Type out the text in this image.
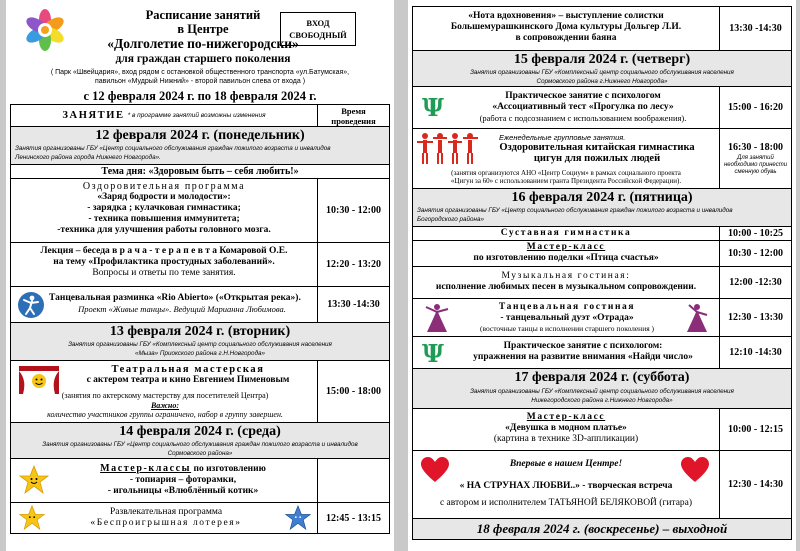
Расписание занятий
в Центре
«Долголетие по-нижегородски»
для граждан старшего поколения
ВХОД СВОБОДНЫЙ
( Парк «Швейцария», вход рядом с остановкой общественного транспорта «ул.Батумская»,
павильон «Мудрый Нижний» - второй павильон слева от входа )
с 12 февраля 2024 г. по 18 февраля 2024 г.
ЗАНЯТИЕ * в программе занятий возможны изменения	Время проведения
12 февраля 2024 г. (понедельник)
Занятия организованы ГБУ «Центр социального обслуживания граждан пожилого возраста и инвалидов
Ленинского района города Нижнего Новгорода».
Тема дня: «Здоровым быть – себя любить!»
Оздоровительная программа
«Заряд бодрости и молодости»:
- зарядка ; кулачковая гимнастика;
- техника повышения иммунитета;
-техника для улучшения работы головного мозга.
10:30 - 12:00
Лекция – беседа в р а ч а - т е р а п е в т а Комаровой О.Е.
на тему «Профилактика простудных заболеваний».
Вопросы и ответы по теме занятия.
12:20 - 13:20
Танцевальная разминка «Rio Abierto» («Открытая река»).
Проект «Живые танцы». Ведущий Марианна Любимова.	13:30 -14:30
13 февраля 2024 г. (вторник)
Занятия организованы ГБУ «Комплексный центр социального обслуживания населения
«Мыза» Приокского района г.Н.Новгорода»
Театральная мастерская
с актером театра и кино Евгением Пименовым
(занятия по актерскому мастерству для посетителей Центра)
Важно:
количество участников группы ограничено, набор в группу завершен.
15:00 - 18:00
14 февраля 2024 г. (среда)
Занятия организованы ГБУ «Центр социального обслуживания граждан пожилого возраста и инвалидов
Сормовского района»
Мастер-классы по изготовлению
- топиария – фоторамки,
- игольницы «Влюблённый котик»
Развлекательная программа
«Беспроигрышная лотерея»	12:45 - 13:15
«Нота вдохновения» – выступление солистки
Большемурашкинского Дома культуры Дольгер Л.И.
в сопровождении баяна
13:30 -14:30
15 февраля 2024 г. (четверг)
Занятия организованы ГБУ «Комплексный центр социального обслуживания населения
Сормовского района г.Нижнего Новгорода»
Ψ	Практическое занятие с психологом
«Ассоциативный тест «Прогулка по лесу»
(работа с подсознанием с использованием воображения).
15:00 - 16:20
Еженедельные групповые занятия.
Оздоровительная китайская гимнастика
цигун для пожилых людей
(занятия организуются АНО «Центр Социум» в рамках социального проекта
«Цигун за 60» с использованием гранта Президента Российской Федерации).
16:30 - 18:00
Для занятий необходимо принести сменную обувь
16 февраля 2024 г. (пятница)
Занятия организованы ГБУ «Центр социального обслуживания граждан пожилого возраста и инвалидов
Богородского района»
Суставная гимнастика	10:00 - 10:25
Мастер-класс
по изготовлению поделки «Птица счастья»	10:30 - 12:00
Музыкальная гостиная:
исполнение любимых песен в музыкальном сопровождении.	12:00 -12:30
Танцевальная гостиная
- танцевальный дуэт «Отрада»
(восточные танцы в исполнении старшего поколения )
12:30 - 13:30
Ψ	Практическое занятие с психологом:
упражнения на развитие внимания «Найди число»	12:10 -14:30
17 февраля 2024 г. (суббота)
Занятия организованы ГБУ «Комплексный центр социального обслуживания населения
Нижегородского района г.Нижнего Новгорода»
Мастер-класс
«Девушка в модном платье»
(картина в технике 3D-аппликации)
10:00 - 12:15
Впервые в нашем Центре!
« НА СТРУНАХ ЛЮБВИ..» - творческая встреча
с автором и исполнителем ТАТЬЯНОЙ БЕЛЯКОВОЙ (гитара)
12:30 - 14:30
18 февраля 2024 г. (воскресенье) – выходной
